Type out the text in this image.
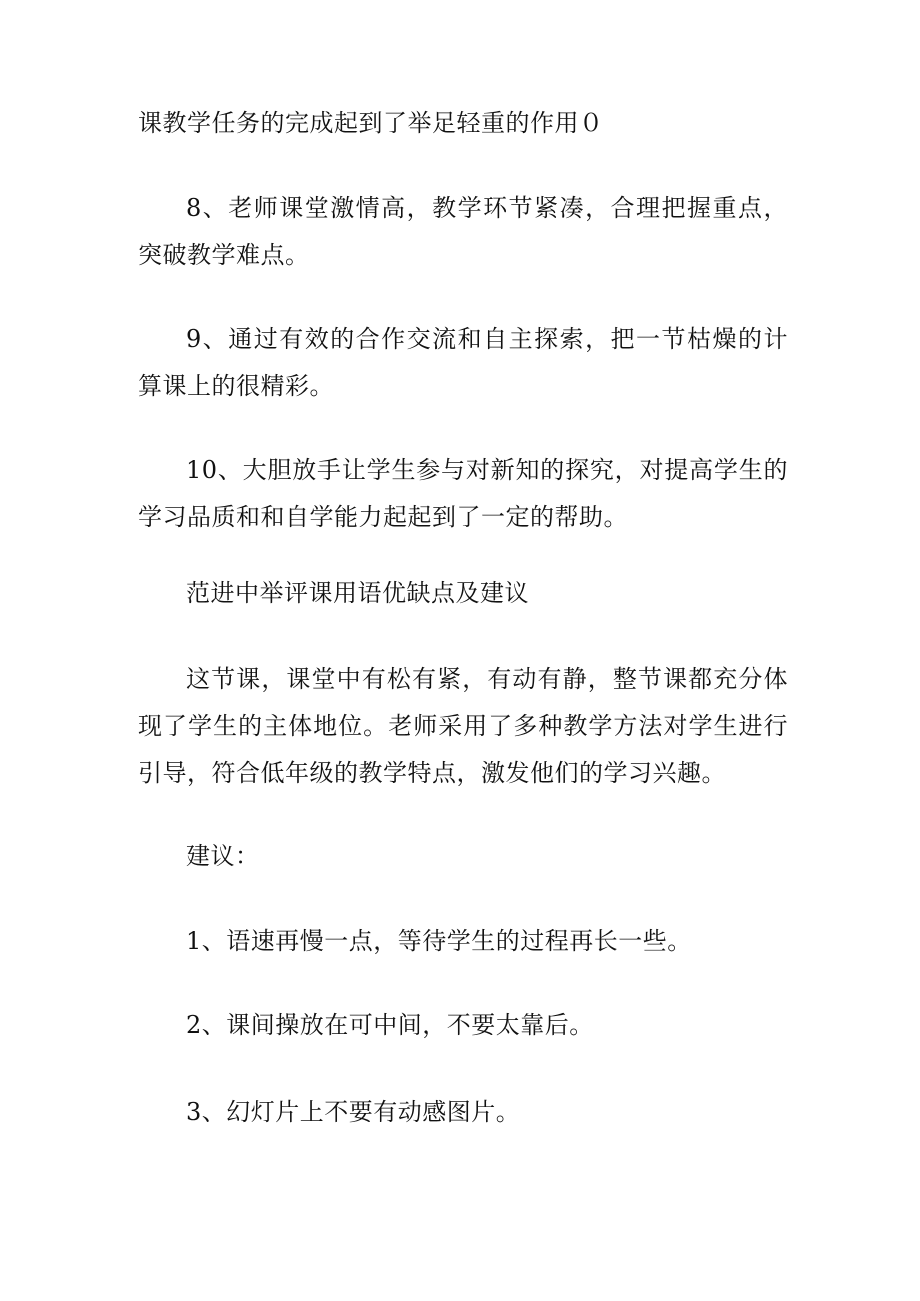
课教学任务的完成起到了举足轻重的作用０

8、老师课堂激情高，教学环节紧凑，合理把握重点，突破教学难点。

9、通过有效的合作交流和自主探索，把一节枯燥的计算课上的很精彩。

10、大胆放手让学生参与对新知的探究，对提高学生的学习品质和和自学能力起起到了一定的帮助。

范进中举评课用语优缺点及建议

这节课，课堂中有松有紧，有动有静，整节课都充分体现了学生的主体地位。老师采用了多种教学方法对学生进行引导，符合低年级的教学特点，激发他们的学习兴趣。

建议：

1、语速再慢一点，等待学生的过程再长一些。

2、课间操放在可中间，不要太靠后。

3、幻灯片上不要有动感图片。
